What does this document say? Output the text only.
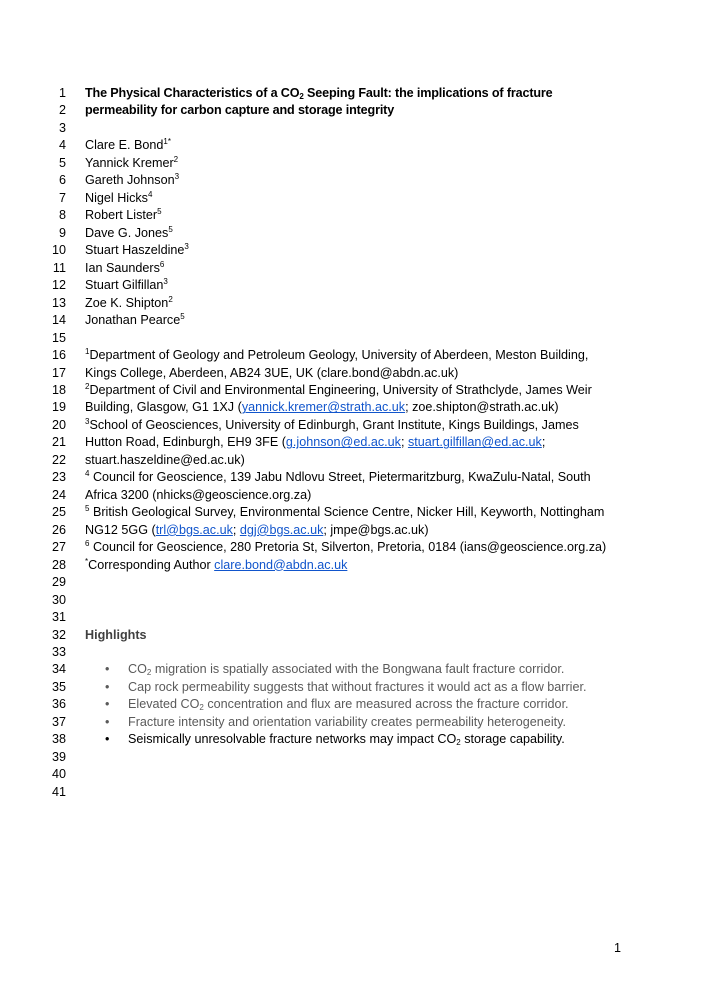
1 The Physical Characteristics of a $CO_2$ Seeping Fault: the implications of fracture
2 permeability for carbon capture and storage integrity
3
4 Clare E. Bond$^{1*}$
5 Yannick Kremer$^2$
6 Gareth Johnson$^3$
7 Nigel Hicks$^4$
8 Robert Lister$^5$
9 Dave G. Jones$^5$
10 Stuart Haszeldine$^3$
11 Ian Saunders$^6$
12 Stuart Gilfillan$^3$
13 Zoe K. Shipton$^2$
14 Jonathan Pearce$^5$
15
16 $^1$Department of Geology and Petroleum Geology, University of Aberdeen, Meston Building,
17 Kings College, Aberdeen, AB24 3UE, UK (clare.bond@abdn.ac.uk)
18 $^2$Department of Civil and Environmental Engineering, University of Strathclyde, James Weir
19 Building, Glasgow, G1 1XJ (yannick.kremer@strath.ac.uk; zoe.shipton@strath.ac.uk)
20 $^3$School of Geosciences, University of Edinburgh, Grant Institute, Kings Buildings, James
21 Hutton Road, Edinburgh, EH9 3FE (g.johnson@ed.ac.uk; stuart.gilfillan@ed.ac.uk;
22 stuart.haszeldine@ed.ac.uk)
23 $^4$ Council for Geoscience, 139 Jabu Ndlovu Street, Pietermaritzburg, KwaZulu-Natal, South
24 Africa 3200 (nhicks@geoscience.org.za)
25 $^5$ British Geological Survey, Environmental Science Centre, Nicker Hill, Keyworth, Nottingham
26 NG12 5GG (trl@bgs.ac.uk; dgj@bgs.ac.uk; jmpe@bgs.ac.uk)
27 $^6$ Council for Geoscience, 280 Pretoria St, Silverton, Pretoria, 0184 (ians@geoscience.org.za)
28 *Corresponding Author clare.bond@abdn.ac.uk
29
30
31
32 Highlights
33
34	• $CO_2$ migration is spatially associated with the Bongwana fault fracture corridor.
35	• Cap rock permeability suggests that without fractures it would act as a flow barrier.
36	• Elevated $CO_2$ concentration and flux are measured across the fracture corridor.
37	• Fracture intensity and orientation variability creates permeability heterogeneity.
38	• Seismically unresolvable fracture networks may impact $CO_2$ storage capability.
39
40
41
1
